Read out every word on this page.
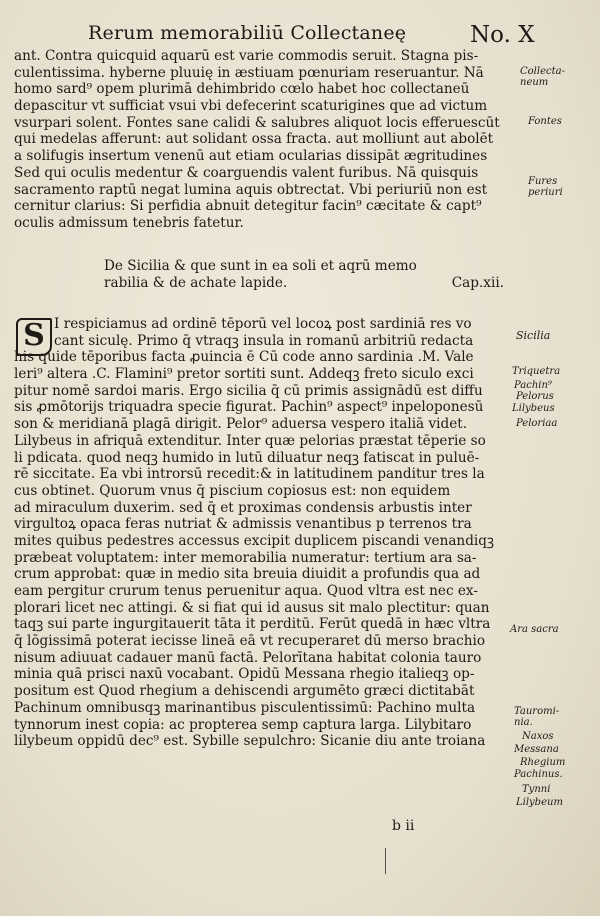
Rerum memorabiliū Collectaneę	No. X
ant. Contra quicquid aquarū est varie commodis seruit. Stagna pis-
culentissima. hyberne pluuię in æstiuam pœnuriam reseruantur. Nā
homo sard⁹ opem plurimā dehimbrido cœlo habet hoc collectaneū
depascitur vt sufficiat vsui vbi defecerint scaturigines que ad victum
vsurpari solent. Fontes sane calidi & salubres aliquot locis efferuescūt
qui medelas afferunt: aut solidant ossa fracta. aut molliunt aut abolēt
a solifugis insertum venenū aut etiam ocularias dissipāt ægritudines
Sed qui oculis medentur & coarguendis valent furibus. Nā quisquis
sacramento raptū negat lumina aquis obtrectat. Vbi periuriū non est
cernitur clarius: Si perfidia abnuit detegitur facin⁹ cæcitate & capt⁹
oculis admissum tenebris fatetur.
De Sicilia & que sunt in ea soli et aqrū memo
rabilia & de achate lapide.	Cap.xii.
S I respiciamus ad ordinē tēporū vel locoꝝ post sardiniā res vo
cant siculę. Primo q̄ vtraqꝫ insula in romanū arbitriū redacta
his quide tēporibus facta ꝓuincia ē Cū code anno sardinia .M. Vale
leri⁹ altera .C. Flamini⁹ pretor sortiti sunt. Addeqꝫ freto siculo exci
pitur nomē sardoi maris. Ergo sicilia q̄ cū primis assignādū est diffu
sis ꝓmōtorijs triquadra specie figurat. Pachin⁹ aspect⁹ inpeloponesū
son & meridianā plagā dirigit. Pelor⁹ aduersa vespero italiā videt.
Lilybeus in afriquā extenditur. Inter quæ pelorias præstat tēperie so
li pdicata. quod neqꝫ humido in lutū diluatur neqꝫ fatiscat in puluē-
rē siccitate. Ea vbi introrsū recedit:& in latitudinem panditur tres la
cus obtinet. Quorum vnus q̄ piscium copiosus est: non equidem
ad miraculum duxerim. sed q̄ et proximas condensis arbustis inter
virgultoꝝ opaca feras nutriat & admissis venantibus p terrenos tra
mites quibus pedestres accessus excipit duplicem piscandi venandiqꝫ
præbeat voluptatem: inter memorabilia numeratur: tertium ara sa-
crum approbat: quæ in medio sita breuia diuidit a profundis qua ad
eam pergitur crurum tenus peruenitur aqua. Quod vltra est nec ex-
plorari licet nec attingi. & si fiat qui id ausus sit malo plectitur: quan
taqꝫ sui parte ingurgitauerit tāta it perditū. Ferūt quedā in hæc vltra
q̄ lōgissimā poterat iecisse lineā eā vt recuperaret dū merso brachio
nisum adiuuat cadauer manū factā. Pelorītana habitat colonia tauro
minia quā prisci naxū vocabant. Opidū Messana rhegio italieqꝫ op-
positum est Quod rhegium a dehiscendi argumēto græci dictitabāt
Pachinum omnibusqꝫ marinantibus pisculentissimū: Pachino multa
tynnorum inest copia: ac propterea semp captura larga. Lilybitaro
lilybeum oppidū dec⁹ est. Sybille sepulchro: Sicanie diu ante troiana
Collecta-
neum
Fontes
Fures
periuri
Sicilia
Triquetra
Pachin⁹
Pelorus
Lilybeus
Peloriaa
Ara sacra
Tauromi-
nia.
Naxos
Messana
Rhegium
Pachinus.
Tynni
Lilybeum
b ii
